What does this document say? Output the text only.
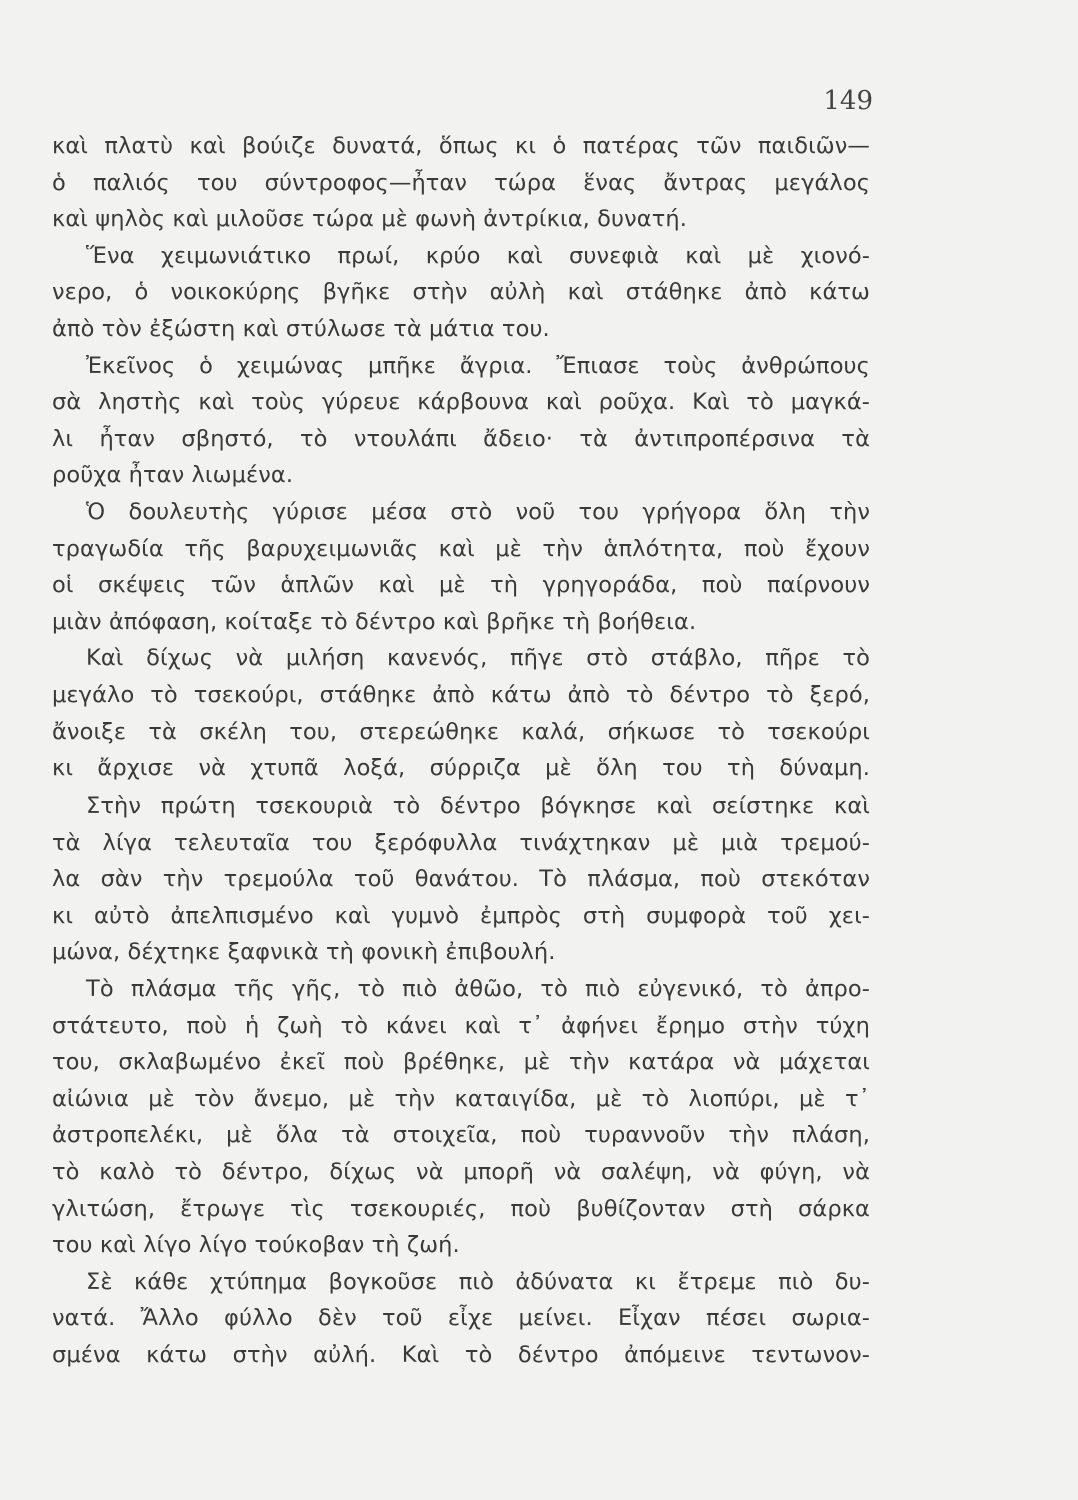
149
καὶ πλατὺ καὶ βούιζε δυνατά, ὅπως κι ὁ πατέρας τῶν παιδιῶν—
ὁ παλιός του σύντροφος—ἦταν τώρα ἕνας ἄντρας μεγάλος
καὶ ψηλὸς καὶ μιλοῦσε τώρα μὲ φωνὴ ἀντρίκια, δυνατή.
Ἕνα χειμωνιάτικο πρωί, κρύο καὶ συνεφιὰ καὶ μὲ χιονό-
νερο, ὁ νοικοκύρης βγῆκε στὴν αὐλὴ καὶ στάθηκε ἀπὸ κάτω
ἀπὸ τὸν ἐξώστη καὶ στύλωσε τὰ μάτια του.
Ἐκεῖνος ὁ χειμώνας μπῆκε ἄγρια. Ἔπιασε τοὺς ἀνθρώπους
σὰ ληστὴς καὶ τοὺς γύρευε κάρβουνα καὶ ροῦχα. Καὶ τὸ μαγκά-
λι ἦταν σβηστό, τὸ ντουλάπι ἄδειο· τὰ ἀντιπροπέρσινα τὰ
ροῦχα ἦταν λιωμένα.
Ὁ δουλευτὴς γύρισε μέσα στὸ νοῦ του γρήγορα ὅλη τὴν
τραγωδία τῆς βαρυχειμωνιᾶς καὶ μὲ τὴν ἁπλότητα, ποὺ ἔχουν
οἱ σκέψεις τῶν ἁπλῶν καὶ μὲ τὴ γρηγοράδα, ποὺ παίρνουν
μιὰν ἀπόφαση, κοίταξε τὸ δέντρο καὶ βρῆκε τὴ βοήθεια.
Καὶ δίχως νὰ μιλήση κανενός, πῆγε στὸ στάβλο, πῆρε τὸ
μεγάλο τὸ τσεκούρι, στάθηκε ἀπὸ κάτω ἀπὸ τὸ δέντρο τὸ ξερό,
ἄνοιξε τὰ σκέλη του, στερεώθηκε καλά, σήκωσε τὸ τσεκούρι
κι ἄρχισε νὰ χτυπᾶ λοξά, σύρριζα μὲ ὅλη του τὴ δύναμη.
Στὴν πρώτη τσεκουριὰ τὸ δέντρο βόγκησε καὶ σείστηκε καὶ
τὰ λίγα τελευταῖα του ξερόφυλλα τινάχτηκαν μὲ μιὰ τρεμού-
λα σὰν τὴν τρεμούλα τοῦ θανάτου. Τὸ πλάσμα, ποὺ στεκόταν
κι αὐτὸ ἀπελπισμένο καὶ γυμνὸ ἐμπρὸς στὴ συμφορὰ τοῦ χει-
μώνα, δέχτηκε ξαφνικὰ τὴ φονικὴ ἐπιβουλή.
Τὸ πλάσμα τῆς γῆς, τὸ πιὸ ἀθῶο, τὸ πιὸ εὐγενικό, τὸ ἀπρο-
στάτευτο, ποὺ ἡ ζωὴ τὸ κάνει καὶ τ᾽ ἀφήνει ἔρημο στὴν τύχη
του, σκλαβωμένο ἐκεῖ ποὺ βρέθηκε, μὲ τὴν κατάρα νὰ μάχεται
αἰώνια μὲ τὸν ἄνεμο, μὲ τὴν καταιγίδα, μὲ τὸ λιοπύρι, μὲ τ᾽
ἀστροπελέκι, μὲ ὅλα τὰ στοιχεῖα, ποὺ τυραννοῦν τὴν πλάση,
τὸ καλὸ τὸ δέντρο, δίχως νὰ μπορῆ νὰ σαλέψη, νὰ φύγη, νὰ
γλιτώση, ἔτρωγε τὶς τσεκουριές, ποὺ βυθίζονταν στὴ σάρκα
του καὶ λίγο λίγο τούκοβαν τὴ ζωή.
Σὲ κάθε χτύπημα βογκοῦσε πιὸ ἀδύνατα κι ἔτρεμε πιὸ δυ-
νατά. Ἄλλο φύλλο δὲν τοῦ εἶχε μείνει. Εἶχαν πέσει σωρια-
σμένα κάτω στὴν αὐλή. Καὶ τὸ δέντρο ἀπόμεινε τεντωνον-
